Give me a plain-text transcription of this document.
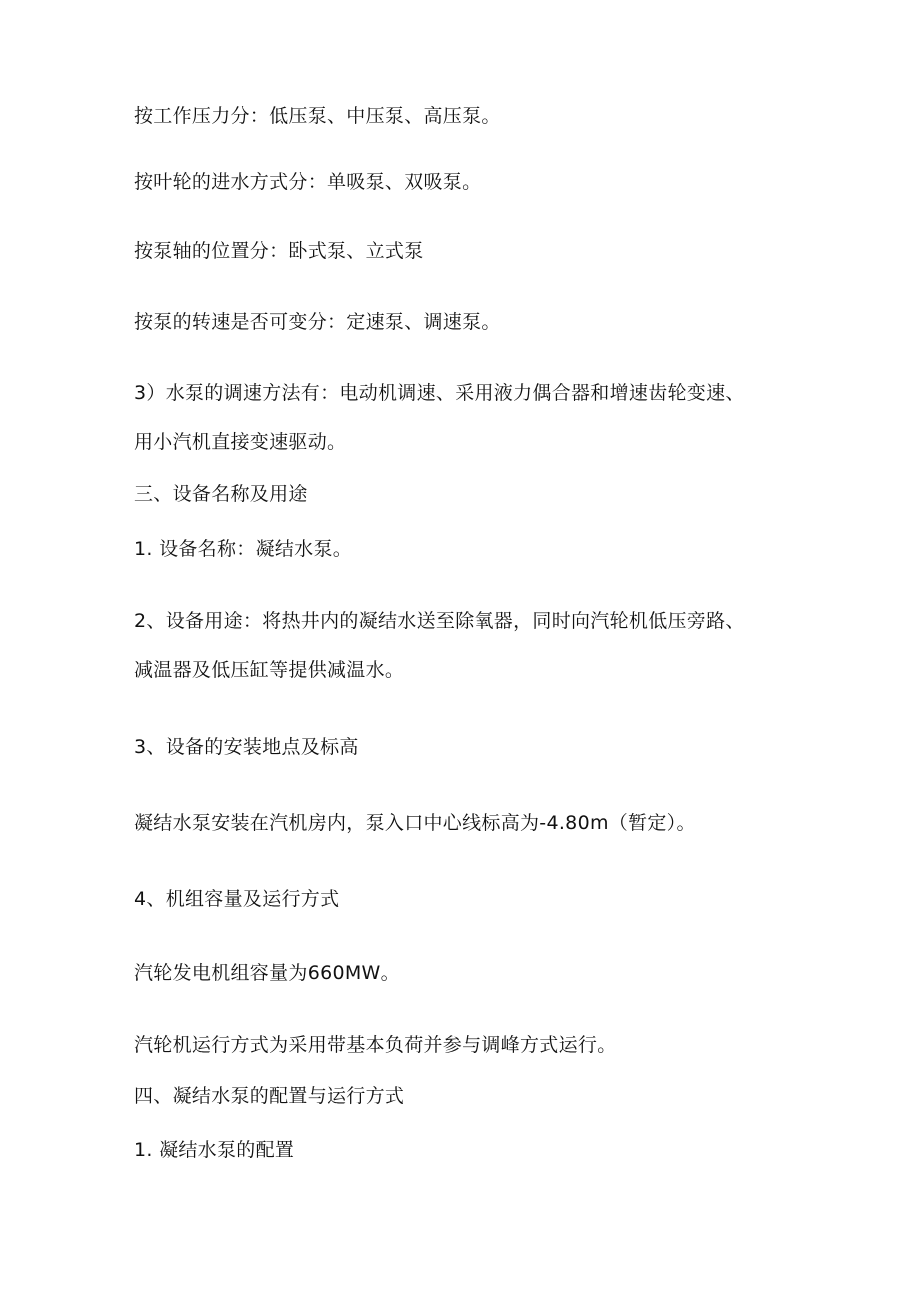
按工作压力分：低压泵、中压泵、高压泵。
按叶轮的进水方式分：单吸泵、双吸泵。
按泵轴的位置分：卧式泵、立式泵
按泵的转速是否可变分：定速泵、调速泵。
3）水泵的调速方法有：电动机调速、采用液力偶合器和增速齿轮变速、
用小汽机直接变速驱动。
三、设备名称及用途
1. 设备名称：凝结水泵。
2、设备用途：将热井内的凝结水送至除氧器，同时向汽轮机低压旁路、
减温器及低压缸等提供减温水。
3、设备的安装地点及标高
凝结水泵安装在汽机房内，泵入口中心线标高为-4.80m（暂定）。
4、机组容量及运行方式
汽轮发电机组容量为660MW。
汽轮机运行方式为采用带基本负荷并参与调峰方式运行。
四、凝结水泵的配置与运行方式
1. 凝结水泵的配置
